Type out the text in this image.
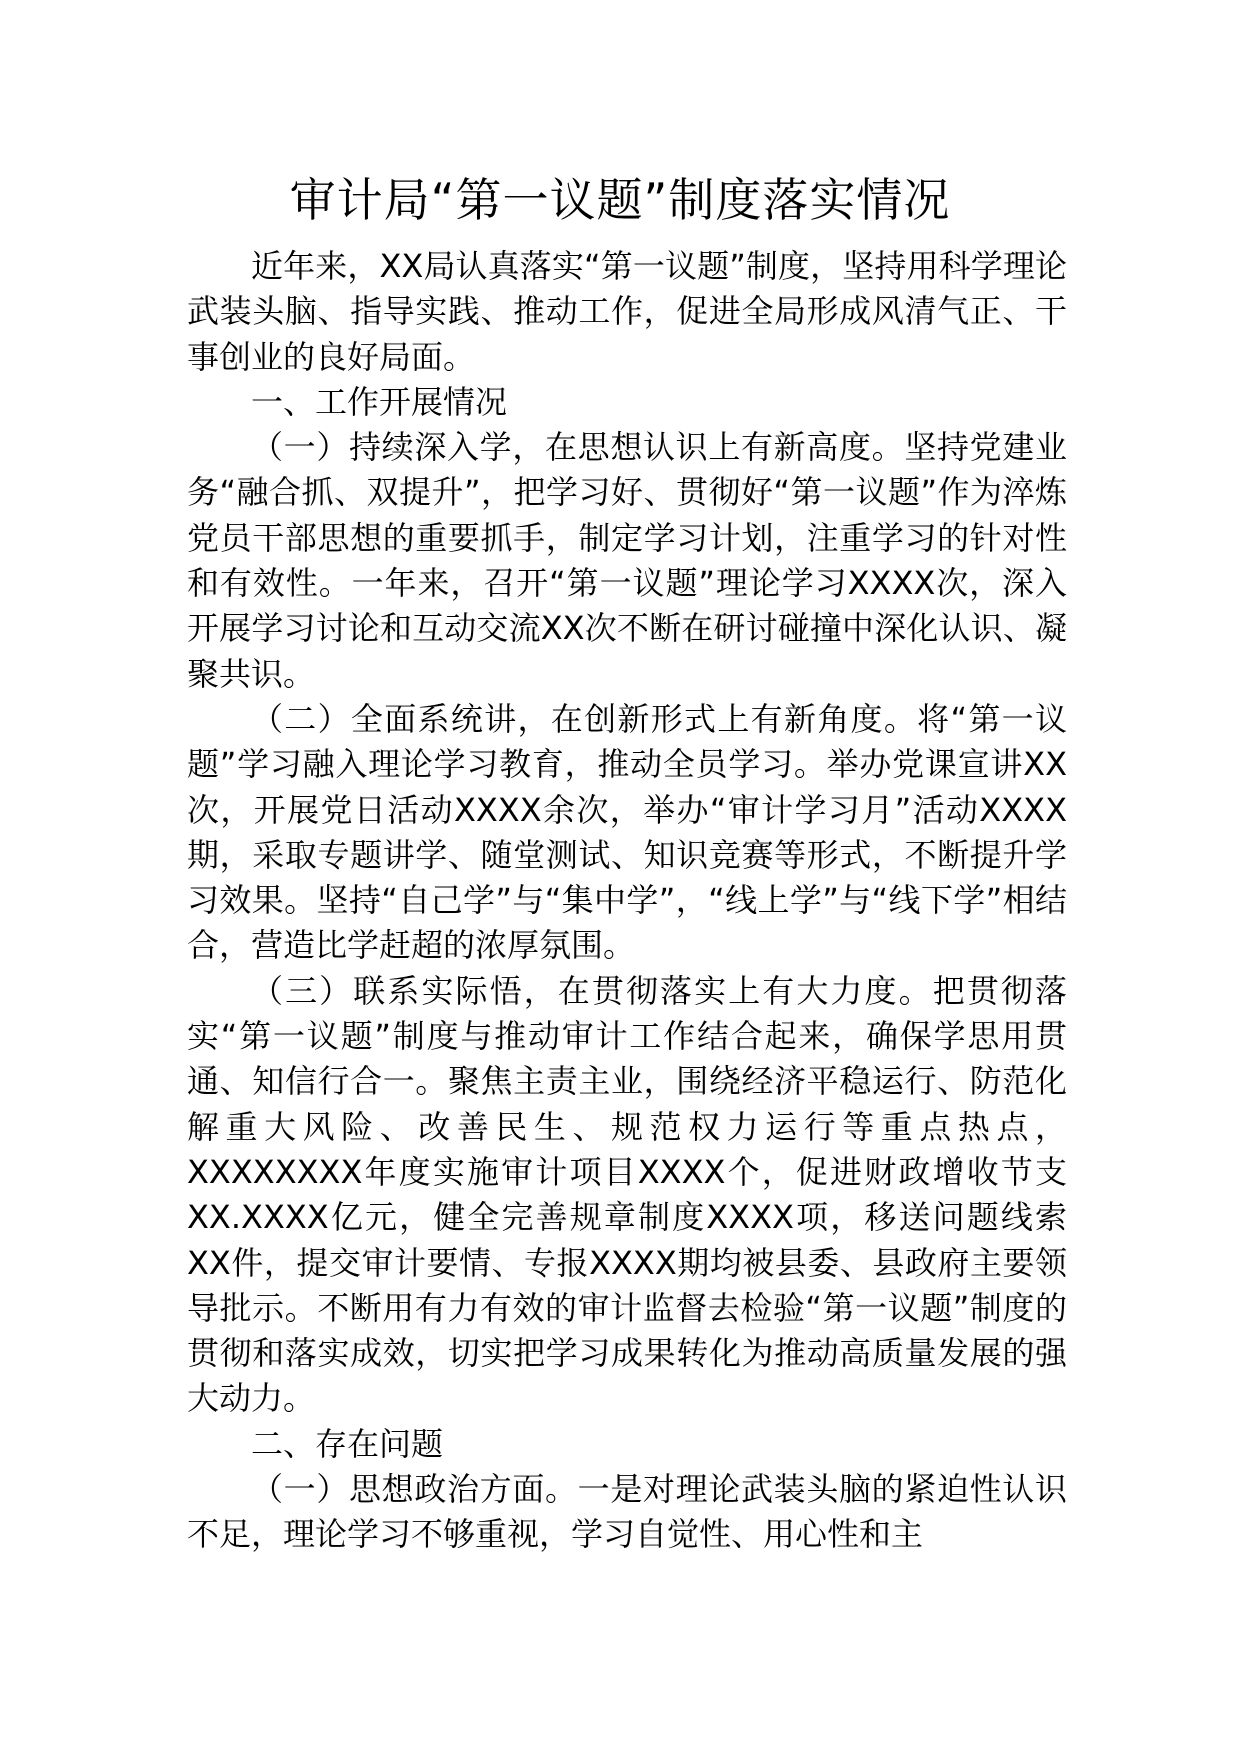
审计局“第一议题”制度落实情况

近年来，XX局认真落实“第一议题”制度，坚持用科学理论武装头脑、指导实践、推动工作，促进全局形成风清气正、干事创业的良好局面。

一、工作开展情况

（一）持续深入学，在思想认识上有新高度。坚持党建业务“融合抓、双提升”，把学习好、贯彻好“第一议题”作为淬炼党员干部思想的重要抓手，制定学习计划，注重学习的针对性和有效性。一年来，召开“第一议题”理论学习XXXX次，深入开展学习讨论和互动交流XX次不断在研讨碰撞中深化认识、凝聚共识。

（二）全面系统讲，在创新形式上有新角度。将“第一议题”学习融入理论学习教育，推动全员学习。举办党课宣讲XX次，开展党日活动XXXX余次，举办“审计学习月”活动XXXX期，采取专题讲学、随堂测试、知识竞赛等形式，不断提升学习效果。坚持“自己学”与“集中学”，“线上学”与“线下学”相结合，营造比学赶超的浓厚氛围。

（三）联系实际悟，在贯彻落实上有大力度。把贯彻落实“第一议题”制度与推动审计工作结合起来，确保学思用贯通、知信行合一。聚焦主责主业，围绕经济平稳运行、防范化解重大风险、改善民生、规范权力运行等重点热点，XXXXXXXX年度实施审计项目XXXX个，促进财政增收节支XX.XXXX亿元，健全完善规章制度XXXX项，移送问题线索XX件，提交审计要情、专报XXXX期均被县委、县政府主要领导批示。不断用有力有效的审计监督去检验“第一议题”制度的贯彻和落实成效，切实把学习成果转化为推动高质量发展的强大动力。

二、存在问题

（一）思想政治方面。一是对理论武装头脑的紧迫性认识不足，理论学习不够重视，学习自觉性、用心性和主
